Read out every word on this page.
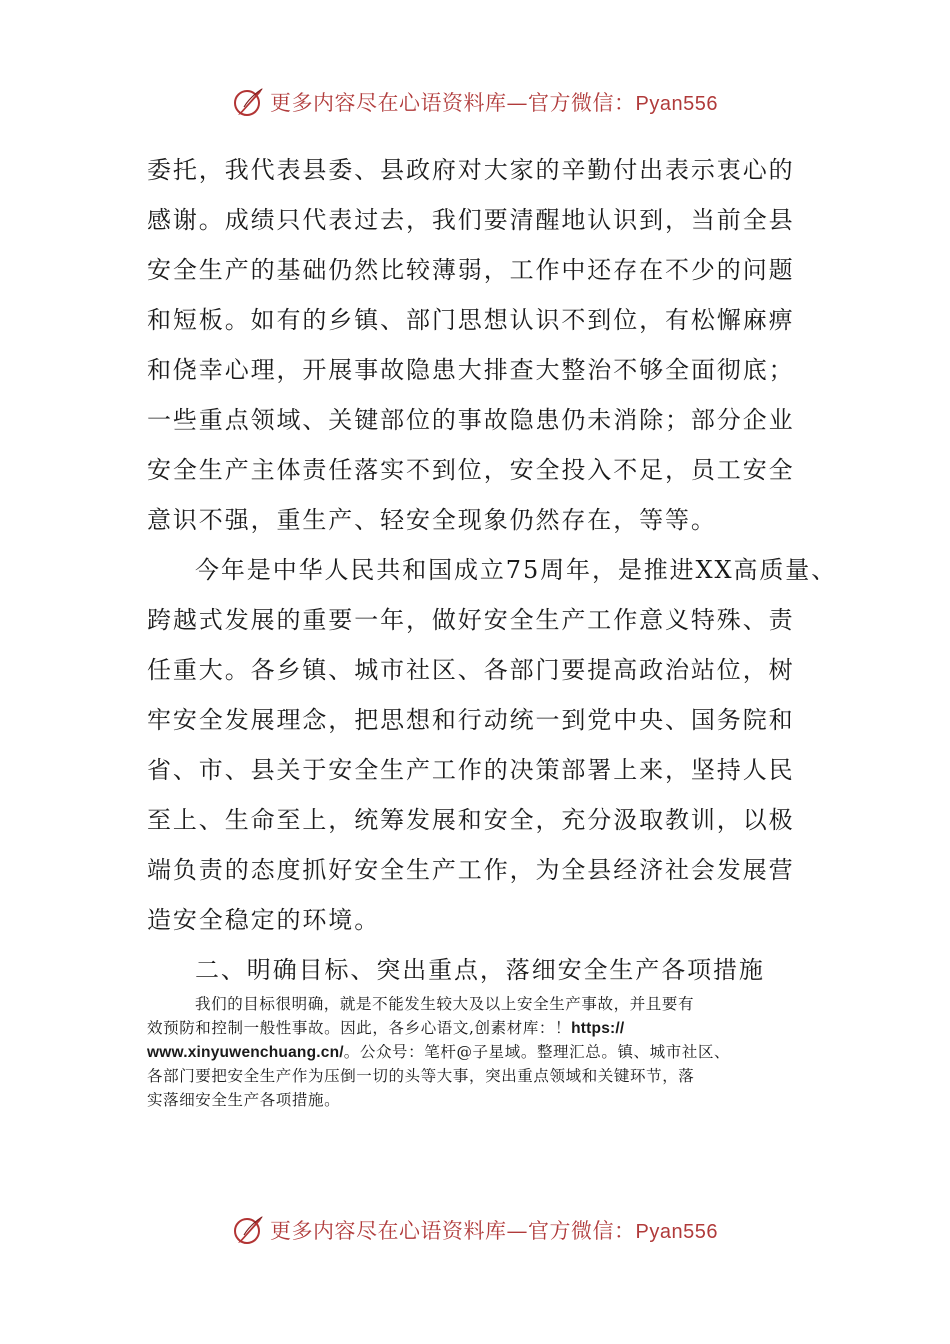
更多内容尽在心语资料库—官方微信：Pyan556
委托，我代表县委、县政府对大家的辛勤付出表示衷心的
感谢。成绩只代表过去，我们要清醒地认识到，当前全县
安全生产的基础仍然比较薄弱，工作中还存在不少的问题
和短板。如有的乡镇、部门思想认识不到位，有松懈麻痹
和侥幸心理，开展事故隐患大排查大整治不够全面彻底；
一些重点领域、关键部位的事故隐患仍未消除；部分企业
安全生产主体责任落实不到位，安全投入不足，员工安全
意识不强，重生产、轻安全现象仍然存在，等等。
今年是中华人民共和国成立75周年，是推进XX高质量、
跨越式发展的重要一年，做好安全生产工作意义特殊、责
任重大。各乡镇、城市社区、各部门要提高政治站位，树
牢安全发展理念，把思想和行动统一到党中央、国务院和
省、市、县关于安全生产工作的决策部署上来，坚持人民
至上、生命至上，统筹发展和安全，充分汲取教训，以极
端负责的态度抓好安全生产工作，为全县经济社会发展营
造安全稳定的环境。
二、明确目标、突出重点，落细安全生产各项措施
我们的目标很明确，就是不能发生较大及以上安全生产事故，并且要有
效预防和控制一般性事故。因此，各乡心语文,创素材库：！https://
www.xinyuwenchuang.cn/。公众号：笔杆@子星域。整理汇总。镇、城市社区、
各部门要把安全生产作为压倒一切的头等大事，突出重点领域和关键环节，落
实落细安全生产各项措施。
更多内容尽在心语资料库—官方微信：Pyan556
